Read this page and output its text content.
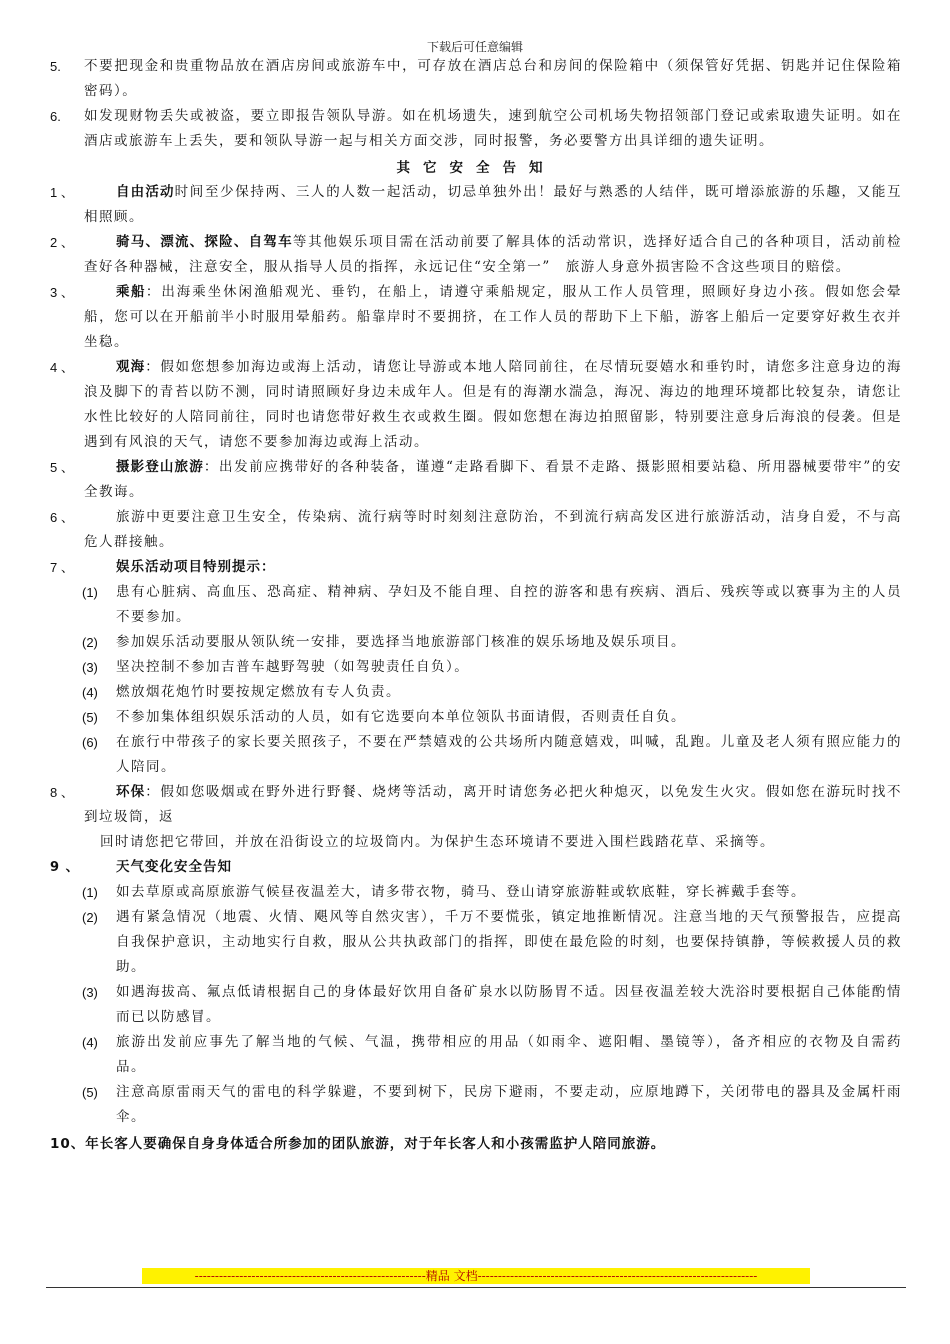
下载后可任意编辑
5. 不要把现金和贵重物品放在酒店房间或旅游车中，可存放在酒店总台和房间的保险箱中（须保管好凭据、钥匙并记住保险箱密码）。
6. 如发现财物丢失或被盗，要立即报告领队导游。如在机场遗失，速到航空公司机场失物招领部门登记或索取遗失证明。如在酒店或旅游车上丢失，要和领队导游一起与相关方面交涉，同时报警，务必要警方出具详细的遗失证明。
其它安全告知
1 、	自由活动时间至少保持两、三人的人数一起活动，切忌单独外出！最好与熟悉的人结伴，既可增添旅游的乐趣，又能互相照顾。
2 、	骑马、漂流、探险、自驾车等其他娱乐项目需在活动前要了解具体的活动常识，选择好适合自己的各种项目，活动前检查好各种器械，注意安全，服从指导人员的指挥，永远记住“安全第一”　旅游人身意外损害险不含这些项目的赔偿。
3 、	乘船：出海乘坐休闲渔船观光、垂钓，在船上，请遵守乘船规定，服从工作人员管理，照顾好身边小孩。假如您会晕船，您可以在开船前半小时服用晕船药。船靠岸时不要拥挤，在工作人员的帮助下上下船，游客上船后一定要穿好救生衣并坐稳。
4 、	观海：假如您想参加海边或海上活动，请您让导游或本地人陪同前往，在尽情玩耍嬉水和垂钓时，请您多注意身边的海浪及脚下的青苔以防不测，同时请照顾好身边未成年人。但是有的海潮水湍急，海况、海边的地理环境都比较复杂，请您让水性比较好的人陪同前往，同时也请您带好救生衣或救生圈。假如您想在海边拍照留影，特别要注意身后海浪的侵袭。但是遇到有风浪的天气，请您不要参加海边或海上活动。
5 、	摄影登山旅游：出发前应携带好的各种装备，谨遵“走路看脚下、看景不走路、摄影照相要站稳、所用器械要带牢”的安全教诲。
6 、	旅游中更要注意卫生安全，传染病、流行病等时时刻刻注意防治，不到流行病高发区进行旅游活动，洁身自爱，不与高危人群接触。
7 、	娱乐活动项目特别提示：
(1) 患有心脏病、高血压、恐高症、精神病、孕妇及不能自理、自控的游客和患有疾病、酒后、残疾等或以赛事为主的人员不要参加。
(2) 参加娱乐活动要服从领队统一安排，要选择当地旅游部门核准的娱乐场地及娱乐项目。
(3) 坚决控制不参加吉普车越野驾驶（如驾驶责任自负）。
(4) 燃放烟花炮竹时要按规定燃放有专人负责。
(5) 不参加集体组织娱乐活动的人员，如有它选要向本单位领队书面请假，否则责任自负。
(6) 在旅行中带孩子的家长要关照孩子，不要在严禁嬉戏的公共场所内随意嬉戏，叫喊，乱跑。儿童及老人须有照应能力的人陪同。
8 、	环保：假如您吸烟或在野外进行野餐、烧烤等活动，离开时请您务必把火种熄灭，以免发生火灾。假如您在游玩时找不到垃圾筒，返
回时请您把它带回，并放在沿街设立的垃圾筒内。为保护生态环境请不要进入围栏践踏花草、采摘等。
9 、	天气变化安全告知
(1) 如去草原或高原旅游气候昼夜温差大，请多带衣物，骑马、登山请穿旅游鞋或软底鞋，穿长裤戴手套等。
(2) 遇有紧急情况（地震、火情、飓风等自然灾害），千万不要慌张，镇定地推断情况。注意当地的天气预警报告，应提高自我保护意识，主动地实行自救，服从公共执政部门的指挥，即使在最危险的时刻，也要保持镇静，等候救援人员的救助。
(3) 如遇海拔高、氟点低请根据自己的身体最好饮用自备矿泉水以防肠胃不适。因昼夜温差较大洗浴时要根据自己体能酌情而已以防感冒。
(4) 旅游出发前应事先了解当地的气候、气温，携带相应的用品（如雨伞、遮阳帽、墨镜等），备齐相应的衣物及自需药品。
(5) 注意高原雷雨天气的雷电的科学躲避，不要到树下，民房下避雨，不要走动，应原地蹲下，关闭带电的器具及金属杆雨伞。
10、年长客人要确保自身身体适合所参加的团队旅游，对于年长客人和小孩需监护人陪同旅游。
---------------------------------------------------------精品 文档---------------------------------------------------------------------
